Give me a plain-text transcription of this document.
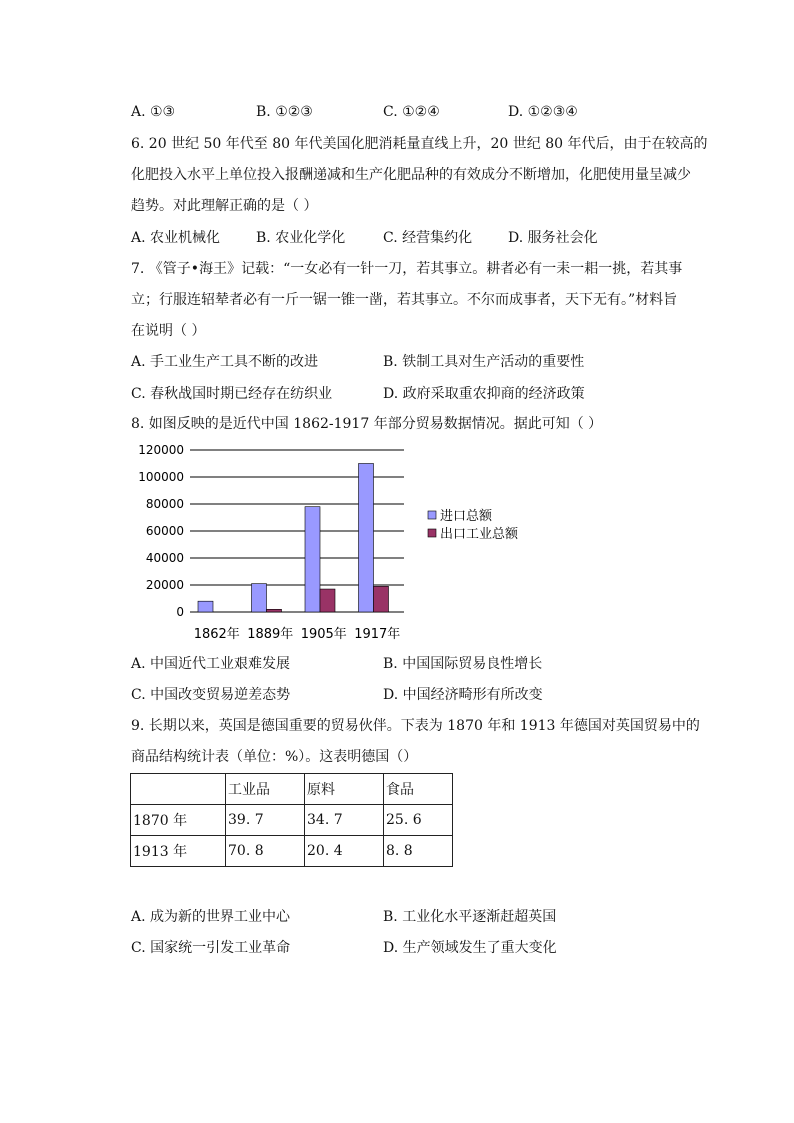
A. ①③	B. ①②③	C. ①②④	D. ①②③④
6. 20 世纪 50 年代至 80 年代美国化肥消耗量直线上升，20 世纪 80 年代后，由于在较高的
化肥投入水平上单位投入报酬递减和生产化肥品种的有效成分不断增加，化肥使用量呈减少
趋势。对此理解正确的是（ ）
A. 农业机械化	B. 农业化学化	C. 经营集约化	D. 服务社会化
7. 《管子•海王》记载：“一女必有一针一刀，若其事立。耕者必有一耒一耜一挑，若其事
立；行服连轺辇者必有一斤一锯一锥一凿，若其事立。不尔而成事者，天下无有。”材料旨
在说明（ ）
A. 手工业生产工具不断的改进	B. 铁制工具对生产活动的重要性
C. 春秋战国时期已经存在纺织业	D. 政府采取重农抑商的经济政策
8. 如图反映的是近代中国 1862-1917 年部分贸易数据情况。据此可知（ ）
120000
100000
80000
60000
40000
20000
0
1862年 1889年 1905年 1917年
进口总额
出口工业总额
A. 中国近代工业艰难发展	B. 中国国际贸易良性增长
C. 中国改变贸易逆差态势	D. 中国经济畸形有所改变
9. 长期以来，英国是德国重要的贸易伙伴。下表为 1870 年和 1913 年德国对英国贸易中的
商品结构统计表（单位：%）。这表明德国（）
	工业品	原料	食品
1870 年	39. 7	34. 7	25. 6
1913 年	70. 8	20. 4	8. 8
A. 成为新的世界工业中心	B. 工业化水平逐渐赶超英国
C. 国家统一引发工业革命	D. 生产领域发生了重大变化
